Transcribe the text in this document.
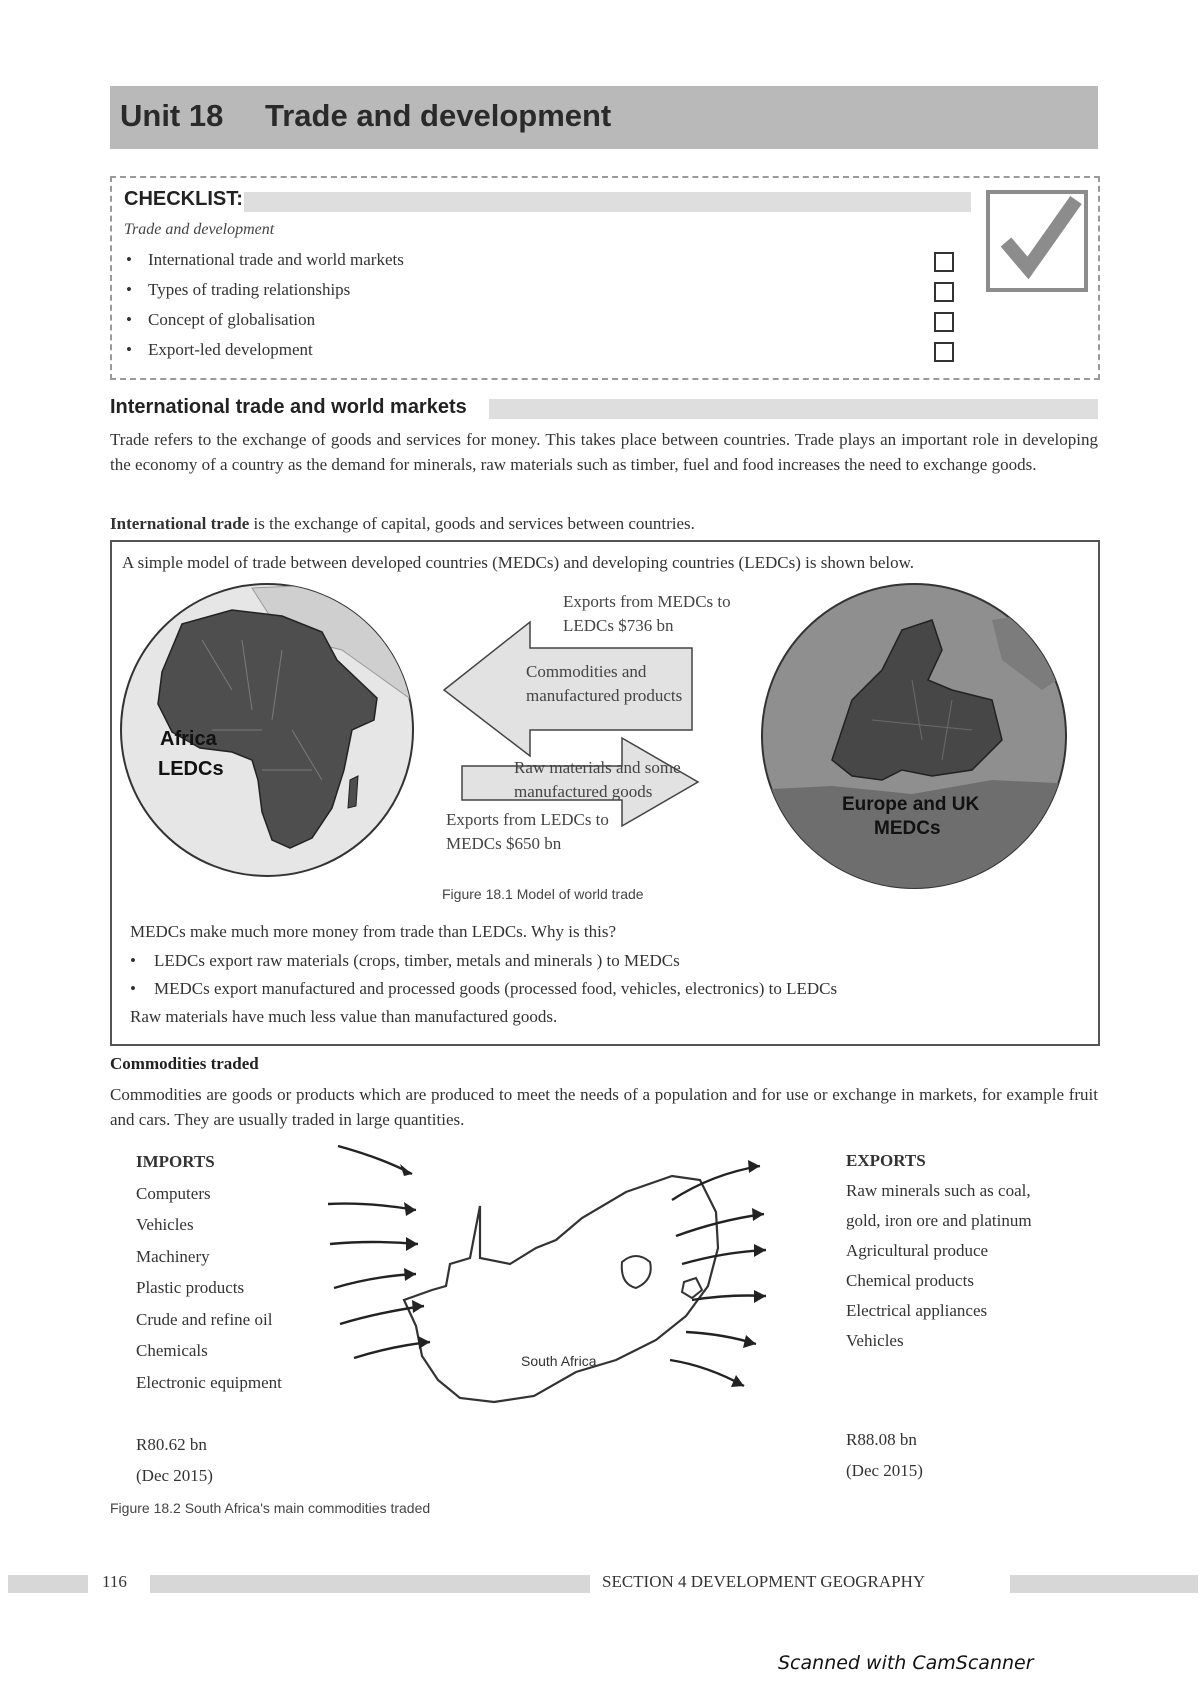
Unit 18 Trade and development
CHECKLIST:
Trade and development
• International trade and world markets
• Types of trading relationships
• Concept of globalisation
• Export-led development
International trade and world markets
Trade refers to the exchange of goods and services for money. This takes place between countries. Trade plays an important role in developing the economy of a country as the demand for minerals, raw materials such as timber, fuel and food increases the need to exchange goods.
International trade is the exchange of capital, goods and services between countries.
A simple model of trade between developed countries (MEDCs) and developing countries (LEDCs) is shown below.
Africa
LEDCs
Europe and UK
MEDCs
Exports from MEDCs to
LEDCs $736 bn
Commodities and
manufactured products
Raw materials and some
manufactured goods
Exports from LEDCs to
MEDCs $650 bn
Figure 18.1 Model of world trade
MEDCs make much more money from trade than LEDCs. Why is this?
• LEDCs export raw materials (crops, timber, metals and minerals ) to MEDCs
• MEDCs export manufactured and processed goods (processed food, vehicles, electronics) to LEDCs
Raw materials have much less value than manufactured goods.
Commodities traded
Commodities are goods or products which are produced to meet the needs of a population and for use or exchange in markets, for example fruit and cars. They are usually traded in large quantities.
IMPORTS
Computers
Vehicles
Machinery
Plastic products
Crude and refine oil
Chemicals
Electronic equipment
R80.62 bn
(Dec 2015)
EXPORTS
Raw minerals such as coal,
gold, iron ore and platinum
Agricultural produce
Chemical products
Electrical appliances
Vehicles
R88.08 bn
(Dec 2015)
South Africa
Figure 18.2 South Africa's main commodities traded
116	SECTION 4 DEVELOPMENT GEOGRAPHY
Scanned with CamScanner
